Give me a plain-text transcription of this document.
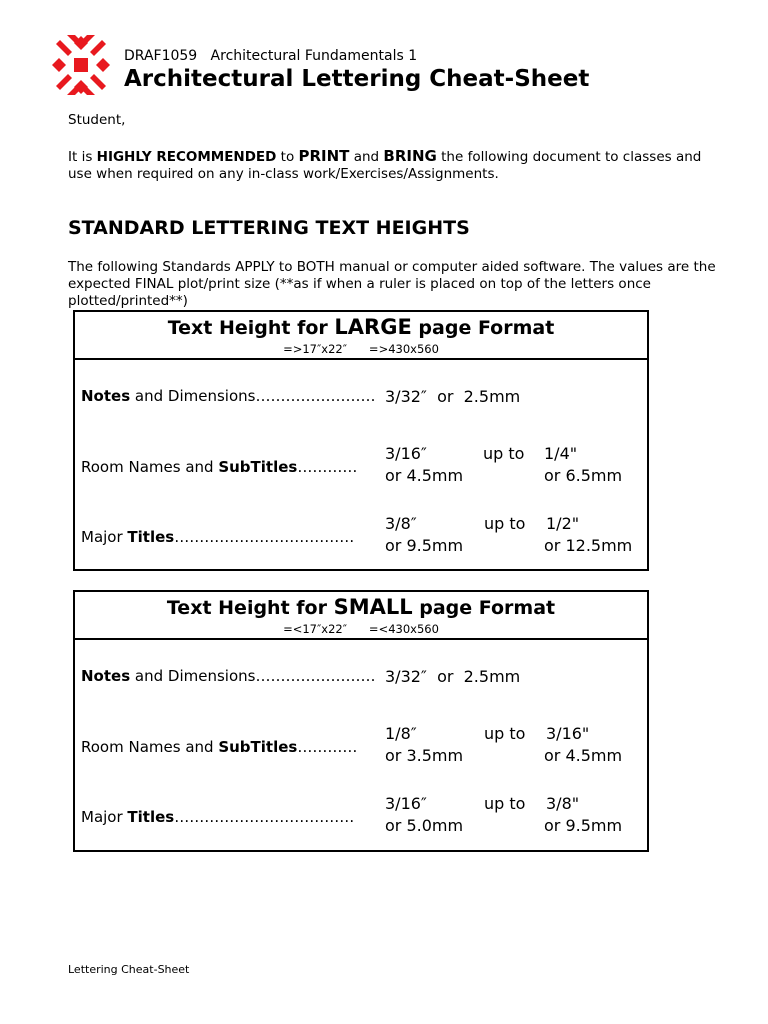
DRAF1059   Architectural Fundamentals 1
Architectural Lettering Cheat-Sheet
Student,
It is HIGHLY RECOMMENDED to PRINT and BRING the following document to classes and use when required on any in-class work/Exercises/Assignments.
STANDARD LETTERING TEXT HEIGHTS
The following Standards APPLY to BOTH manual or computer aided software. The values are the expected FINAL plot/print size (**as if when a ruler is placed on top of the letters once plotted/printed**)
Text Height for LARGE page Format
=>17″x22″      =>430x560
Notes and Dimensions…………………… 3/32″  or  2.5mm
Room Names and SubTitles…………
3/16″
or 4.5mm
up to 1/4"
or 6.5mm
Major Titles………………………………
3/8″
or 9.5mm
up to 1/2"
or 12.5mm
Text Height for SMALL page Format
=<17″x22″      =<430x560
Notes and Dimensions…………………… 3/32″  or  2.5mm
Room Names and SubTitles…………
1/8″
or 3.5mm
up to 3/16"
or 4.5mm
Major Titles………………………………
3/16″
or 5.0mm
up to 3/8"
or 9.5mm
Lettering Cheat-Sheet
